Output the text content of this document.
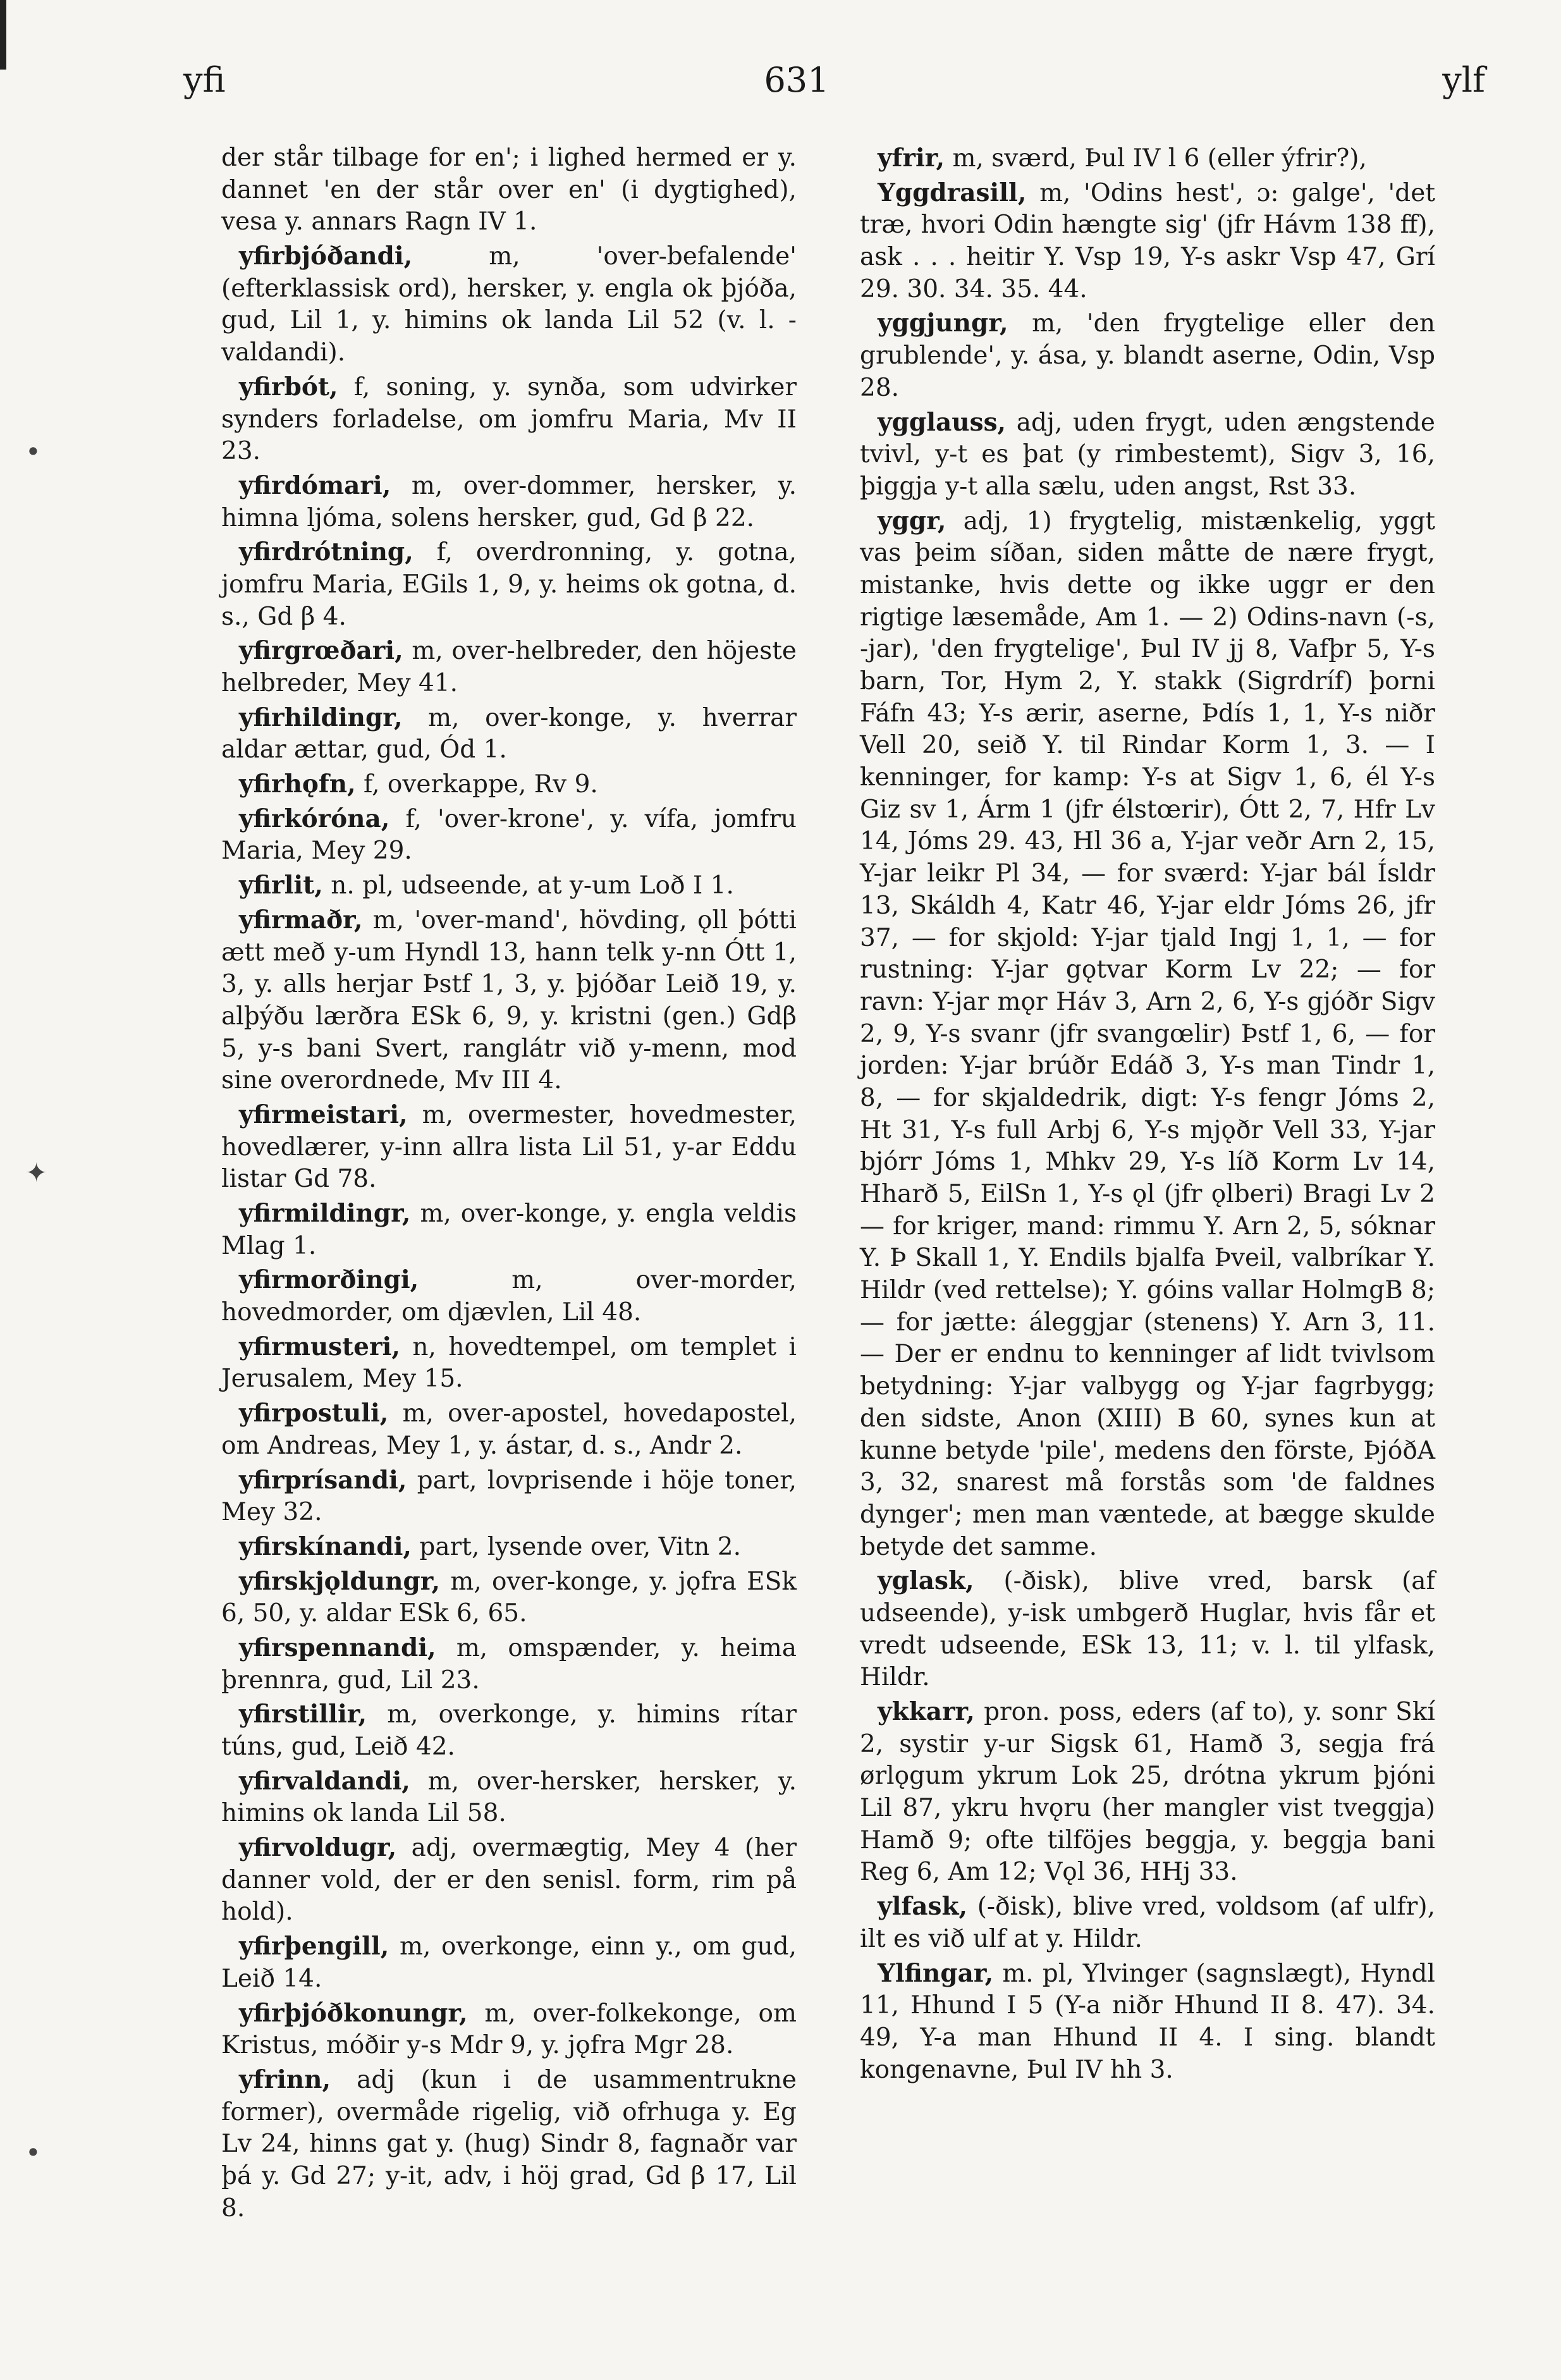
yfi	631	ylf
•
✦
•

der står tilbage for en'; i lighed hermed er y. dannet 'en der står over en' (i dygtighed), vesa y. annars Ragn IV 1.

yfirbjóðandi,	m, 'over-befalende' (efterklassisk ord), hersker, y. engla ok þjóða, gud, Lil 1, y. himins ok landa Lil 52 (v. l. -valdandi).

yfirbót, f, soning, y. synða, som udvirker synders forladelse, om jomfru Maria, Mv II 23.

yfirdómari, m, over-dommer, hersker, y. himna ljóma, solens hersker, gud, Gd β 22.

yfirdrótning, f, overdronning, y. gotna, jomfru Maria, EGils 1, 9, y. heims ok gotna, d. s., Gd β 4.

yfirgrœðari, m, over-helbreder, den höjeste helbreder, Mey 41.

yfirhildingr, m, over-konge, y. hverrar aldar ættar, gud, Ód 1.

yfirhǫfn, f, overkappe, Rv 9.

yfirkóróna, f, 'over-krone', y. vífa, jomfru Maria, Mey 29.

yfirlit, n. pl, udseende, at y-um Loð I 1.

yfirmaðr, m, 'over-mand', hövding, ǫll þótti ætt með y-um Hyndl 13, hann telk y-nn Ótt 1, 3, y. alls herjar Þstf 1, 3, y. þjóðar Leið 19, y. alþýðu lærðra ESk 6, 9, y. kristni (gen.) Gdβ 5, y-s bani Svert, ranglátr við y-menn, mod sine overordnede, Mv III 4.

yfirmeistari, m, overmester, hovedmester, hovedlærer, y-inn allra lista Lil 51, y-ar Eddu listar Gd 78.

yfirmildingr, m, over-konge, y. engla veldis Mlag 1.

yfirmorðingi,	m, over-morder, hovedmorder, om djævlen, Lil 48.

yfirmusteri, n, hovedtempel, om templet i Jerusalem, Mey 15.

yfirpostuli, m, over-apostel, hovedapostel, om Andreas, Mey 1, y. ástar, d. s., Andr 2.

yfirprísandi, part, lovprisende i höje toner, Mey 32.

yfirskínandi, part, lysende over, Vitn 2.

yfirskjǫldungr, m, over-konge, y. jǫfra ESk 6, 50, y. aldar ESk 6, 65.

yfirspennandi, m, omspænder, y. heima þrennra, gud, Lil 23.

yfirstillir, m, overkonge, y. himins rítar túns, gud, Leið 42.

yfirvaldandi, m, over-hersker, hersker, y. himins ok landa Lil 58.

yfirvoldugr, adj, overmægtig, Mey 4 (her danner vold, der er den senisl. form, rim på hold).

yfirþengill, m, overkonge, einn y., om gud, Leið 14.

yfirþjóðkonungr, m, over-folkekonge, om Kristus, móðir y-s Mdr 9, y. jǫfra Mgr 28.

yfrinn, adj (kun i de usammentrukne former), overmåde rigelig, við ofrhuga y. Eg Lv 24, hinns gat y. (hug) Sindr 8, fagnaðr var þá y. Gd 27; y-it, adv, i höj grad, Gd β 17, Lil 8.

yfrir, m, sværd, Þul IV l 6 (eller ýfrir?),

Yggdrasill, m, 'Odins hest', ɔ: galge', 'det træ, hvori Odin hængte sig' (jfr Hávm 138 ff), ask . . . heitir Y. Vsp 19, Y-s askr Vsp 47, Grí 29. 30. 34. 35. 44.

yggjungr, m, 'den frygtelige eller den grublende', y. ása, y. blandt aserne, Odin, Vsp 28.

ygglauss, adj, uden frygt, uden ængstende tvivl, y-t es þat (y rimbestemt), Sigv 3, 16, þiggja y-t alla sælu, uden angst, Rst 33.

yggr, adj, 1) frygtelig, mistænkelig, yggt vas þeim síðan, siden måtte de nære frygt, mistanke, hvis dette og ikke uggr er den rigtige læsemåde, Am 1. — 2) Odins-navn (-s, -jar), 'den frygtelige', Þul IV jj 8, Vafþr 5, Y-s barn, Tor, Hym 2, Y. stakk (Sigrdríf) þorni Fáfn 43; Y-s ærir, aserne, Þdís 1, 1, Y-s niðr Vell 20, seið Y. til Rindar Korm 1, 3. — I kenninger, for kamp: Y-s at Sigv 1, 6, él Y-s Giz sv 1, Árm 1 (jfr élstœrir), Ótt 2, 7, Hfr Lv 14, Jóms 29. 43, Hl 36 a, Y-jar veðr Arn 2, 15, Y-jar leikr Pl 34, — for sværd: Y-jar bál Ísldr 13, Skáldh 4, Katr 46, Y-jar eldr Jóms 26, jfr 37, — for skjold: Y-jar tjald Ingj 1, 1, — for rustning: Y-jar gǫtvar Korm Lv 22; — for ravn: Y-jar mǫr Háv 3, Arn 2, 6, Y-s gjóðr Sigv 2, 9, Y-s svanr (jfr svangœlir) Þstf 1, 6, — for jorden: Y-jar brúðr Edáð 3, Y-s man Tindr 1, 8, — for skjaldedrik, digt: Y-s fengr Jóms 2, Ht 31, Y-s full Arbj 6, Y-s mjǫðr Vell 33, Y-jar bjórr Jóms 1, Mhkv 29, Y-s líð Korm Lv 14, Hharð 5, EilSn 1, Y-s ǫl (jfr ǫlberi) Bragi Lv 2 — for kriger, mand: rimmu Y. Arn 2, 5, sóknar Y. Þ Skall 1, Y. Endils bjalfa Þveil, valbríkar Y. Hildr (ved rettelse); Y. góins vallar HolmgB 8; — for jætte: áleggjar (stenens) Y. Arn 3, 11. — Der er endnu to kenninger af lidt tvivlsom betydning: Y-jar valbygg og Y-jar fagrbygg; den sidste, Anon (XIII) B 60, synes kun at kunne betyde 'pile', medens den förste, ÞjóðA 3, 32, snarest må forstås som 'de faldnes dynger'; men man væntede, at bægge skulde betyde det samme.

yglask, (-ðisk), blive vred, barsk (af udseende), y-isk umbgerð Huglar, hvis får et vredt udseende, ESk 13, 11; v. l. til ylfask, Hildr.

ykkarr, pron. poss, eders (af to), y. sonr Skí 2, systir y-ur Sigsk 61, Hamð 3, segja frá ørlǫgum ykrum Lok 25, drótna ykrum þjóni Lil 87, ykru hvǫru (her mangler vist tveggja) Hamð 9; ofte tilföjes beggja, y. beggja bani Reg 6, Am 12; Vǫl 36, HHj 33.

ylfask, (-ðisk), blive vred, voldsom (af ulfr), ilt es við ulf at y. Hildr.

Ylfingar, m. pl, Ylvinger (sagnslægt), Hyndl 11, Hhund I 5 (Y-a niðr Hhund II 8. 47). 34. 49, Y-a man Hhund II 4. I sing. blandt kongenavne, Þul IV hh 3.
